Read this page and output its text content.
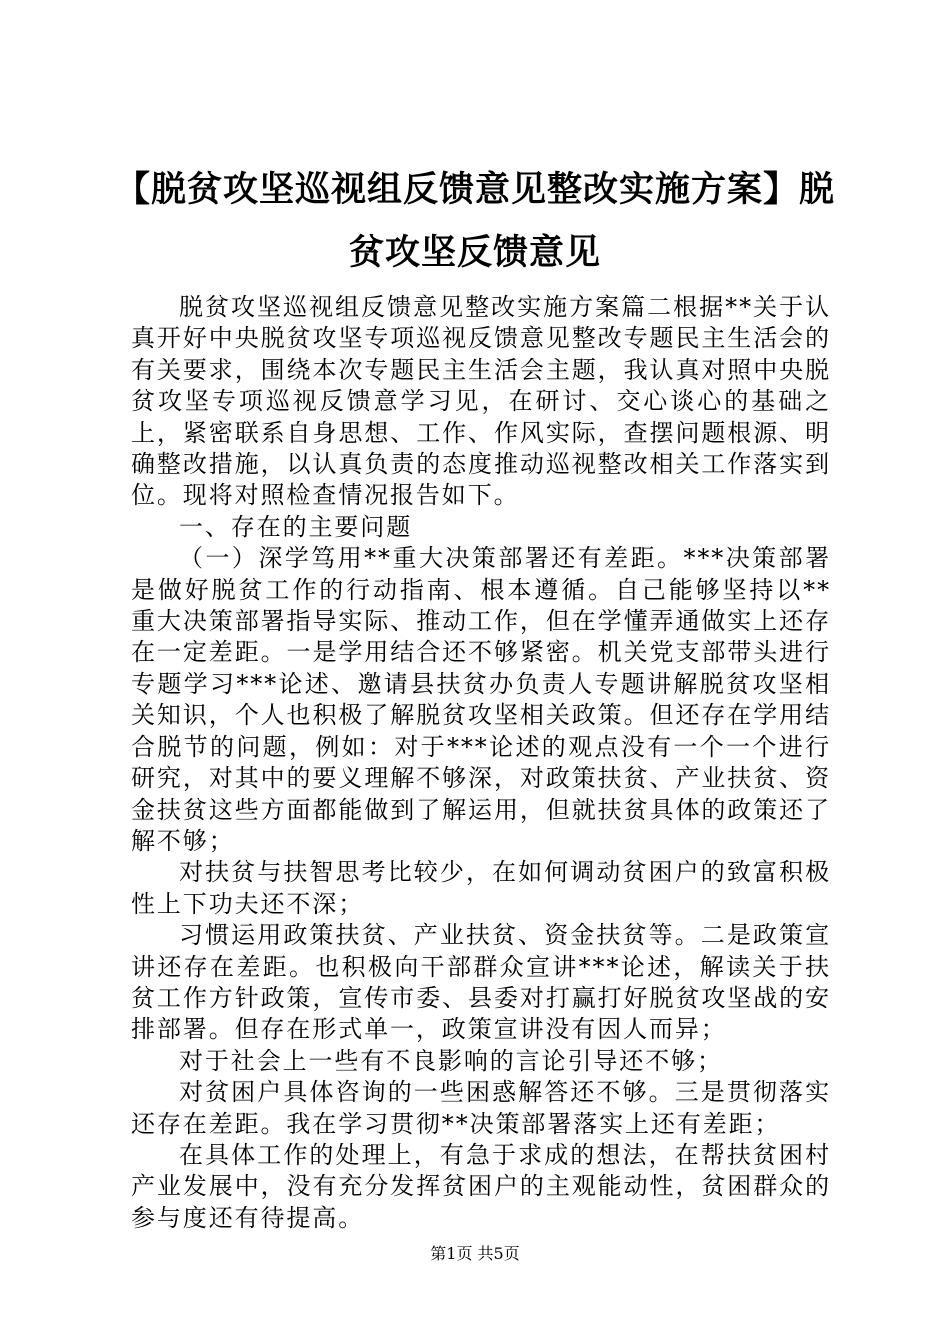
【脱贫攻坚巡视组反馈意见整改实施方案】脱贫攻坚反馈意见

脱贫攻坚巡视组反馈意见整改实施方案篇二根据**关于认真开好中央脱贫攻坚专项巡视反馈意见整改专题民主生活会的有关要求，围绕本次专题民主生活会主题，我认真对照中央脱贫攻坚专项巡视反馈意学习见，在研讨、交心谈心的基础之上，紧密联系自身思想、工作、作风实际，查摆问题根源、明确整改措施，以认真负责的态度推动巡视整改相关工作落实到位。现将对照检查情况报告如下。

一、存在的主要问题

（一）深学笃用**重大决策部署还有差距。***决策部署是做好脱贫工作的行动指南、根本遵循。自己能够坚持以**重大决策部署指导实际、推动工作，但在学懂弄通做实上还存在一定差距。一是学用结合还不够紧密。机关党支部带头进行专题学习***论述、邀请县扶贫办负责人专题讲解脱贫攻坚相关知识，个人也积极了解脱贫攻坚相关政策。但还存在学用结合脱节的问题，例如：对于***论述的观点没有一个一个进行研究，对其中的要义理解不够深，对政策扶贫、产业扶贫、资金扶贫这些方面都能做到了解运用，但就扶贫具体的政策还了解不够；

对扶贫与扶智思考比较少，在如何调动贫困户的致富积极性上下功夫还不深；

习惯运用政策扶贫、产业扶贫、资金扶贫等。二是政策宣讲还存在差距。也积极向干部群众宣讲***论述，解读关于扶贫工作方针政策，宣传市委、县委对打赢打好脱贫攻坚战的安排部署。但存在形式单一，政策宣讲没有因人而异；

对于社会上一些有不良影响的言论引导还不够；

对贫困户具体咨询的一些困惑解答还不够。三是贯彻落实还存在差距。我在学习贯彻**决策部署落实上还有差距；

在具体工作的处理上，有急于求成的想法，在帮扶贫困村产业发展中，没有充分发挥贫困户的主观能动性，贫困群众的参与度还有待提高。

第1页 共5页
